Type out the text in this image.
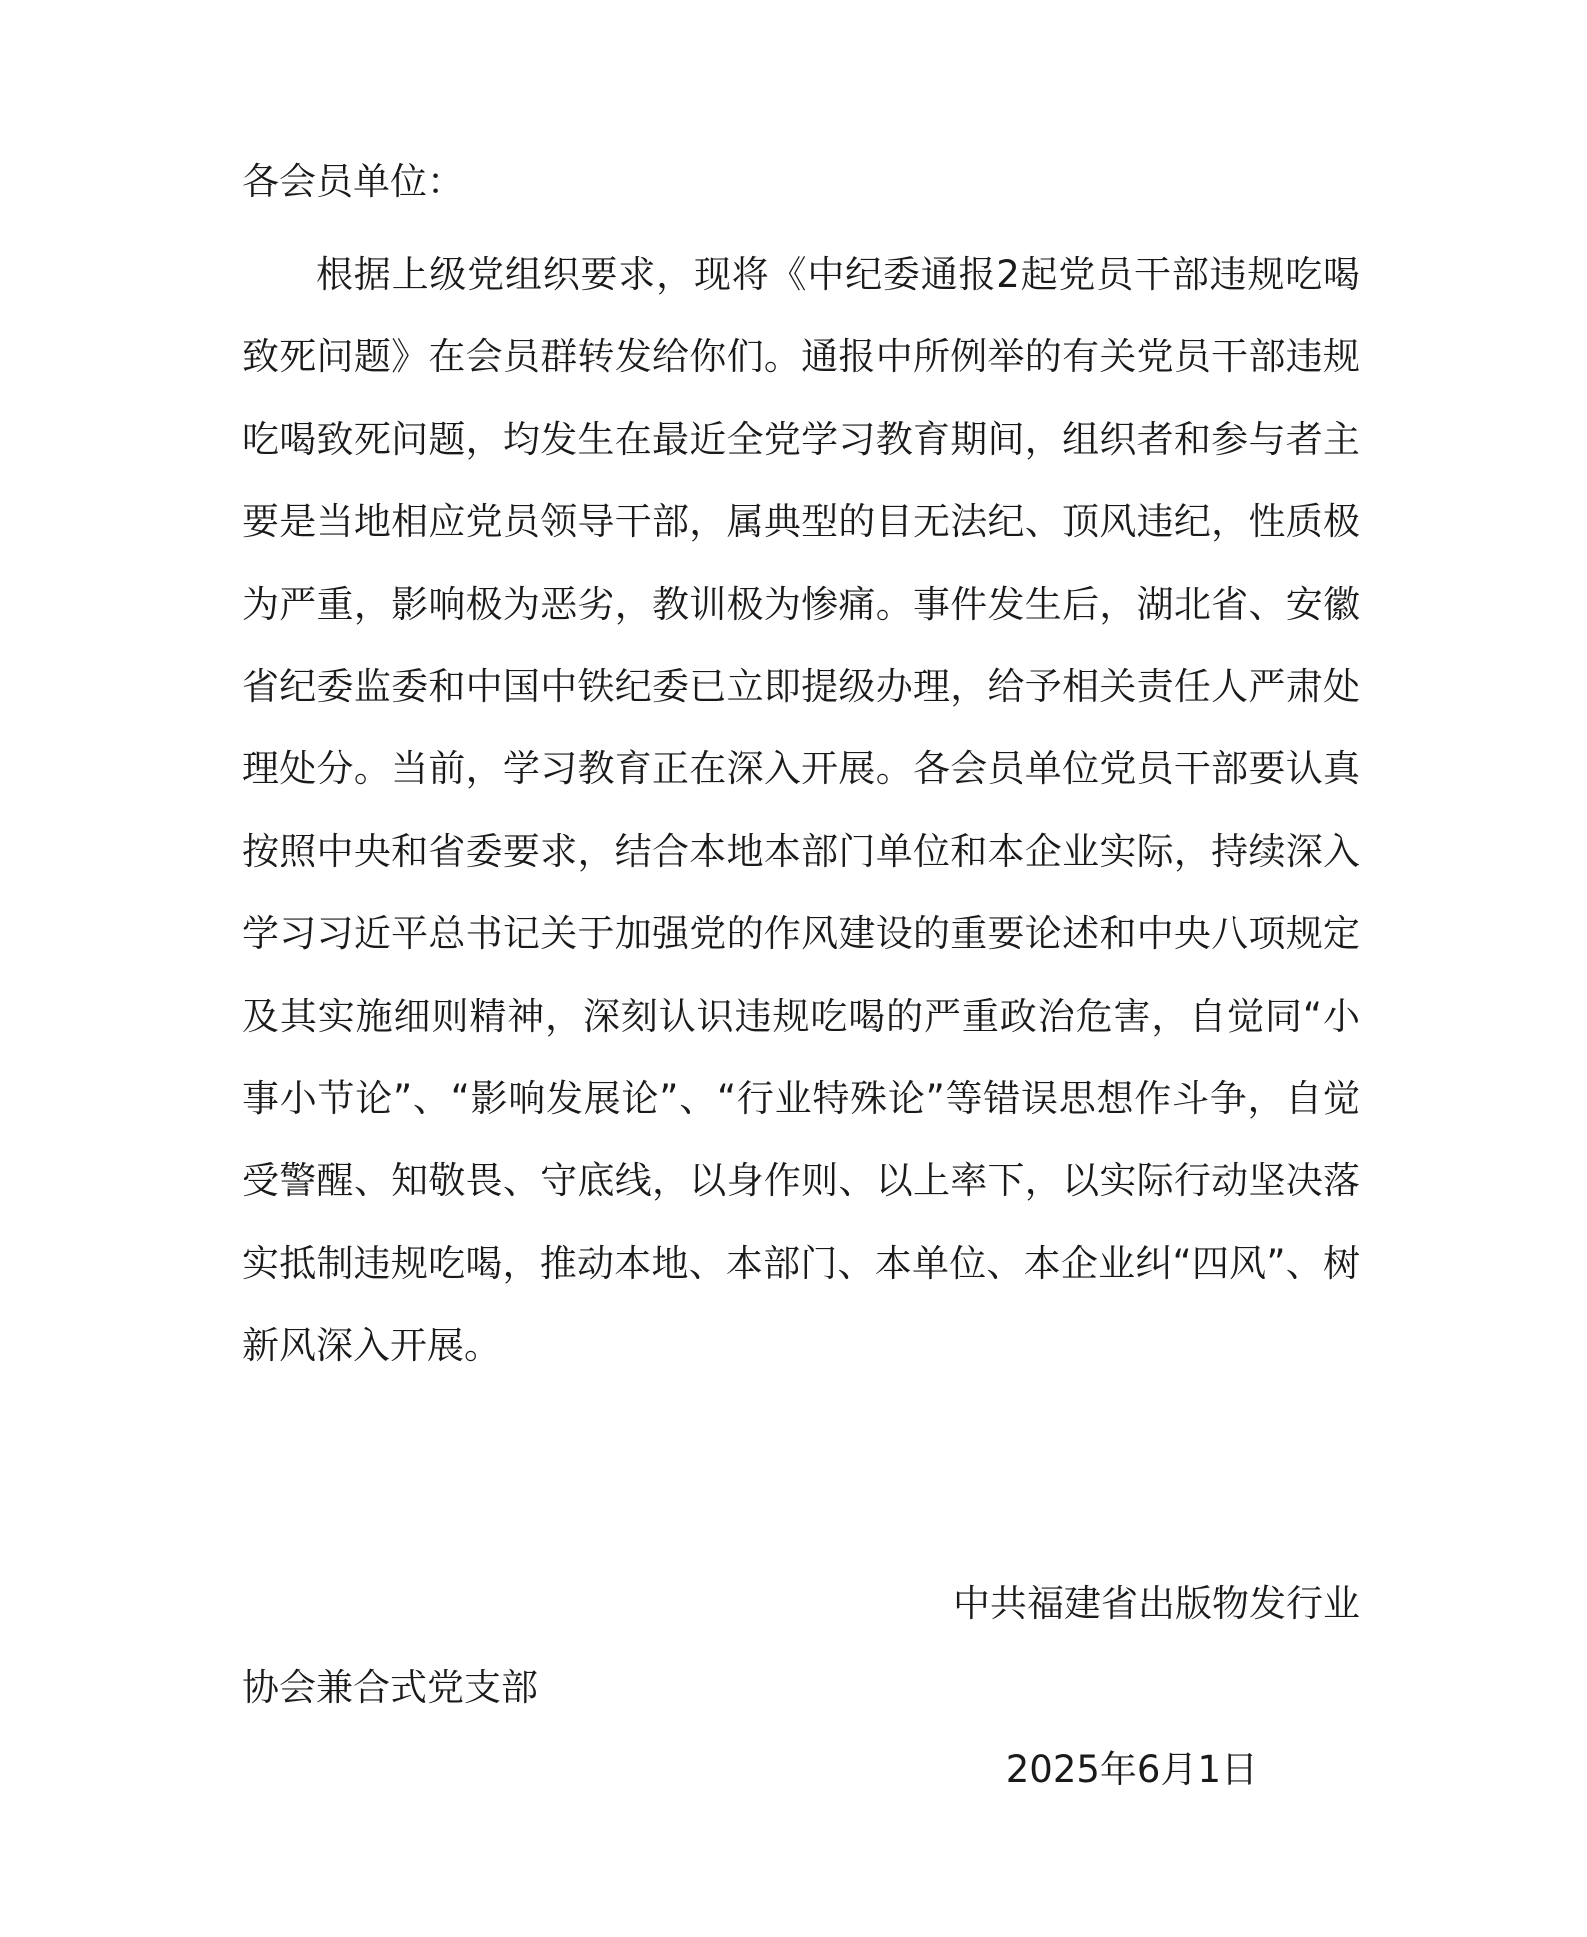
各会员单位：

根据上级党组织要求，现将《中纪委通报2起党员干部违规吃喝致死问题》在会员群转发给你们。通报中所例举的有关党员干部违规吃喝致死问题，均发生在最近全党学习教育期间，组织者和参与者主要是当地相应党员领导干部，属典型的目无法纪、顶风违纪，性质极为严重，影响极为恶劣，教训极为惨痛。事件发生后，湖北省、安徽省纪委监委和中国中铁纪委已立即提级办理，给予相关责任人严肃处理处分。当前，学习教育正在深入开展。各会员单位党员干部要认真按照中央和省委要求，结合本地本部门单位和本企业实际，持续深入学习习近平总书记关于加强党的作风建设的重要论述和中央八项规定及其实施细则精神，深刻认识违规吃喝的严重政治危害，自觉同“小事小节论”、“影响发展论”、“行业特殊论”等错误思想作斗争，自觉受警醒、知敬畏、守底线，以身作则、以上率下，以实际行动坚决落实抵制违规吃喝，推动本地、本部门、本单位、本企业纠“四风”、树新风深入开展。

中共福建省出版物发行业
协会兼合式党支部
2025年6月1日
